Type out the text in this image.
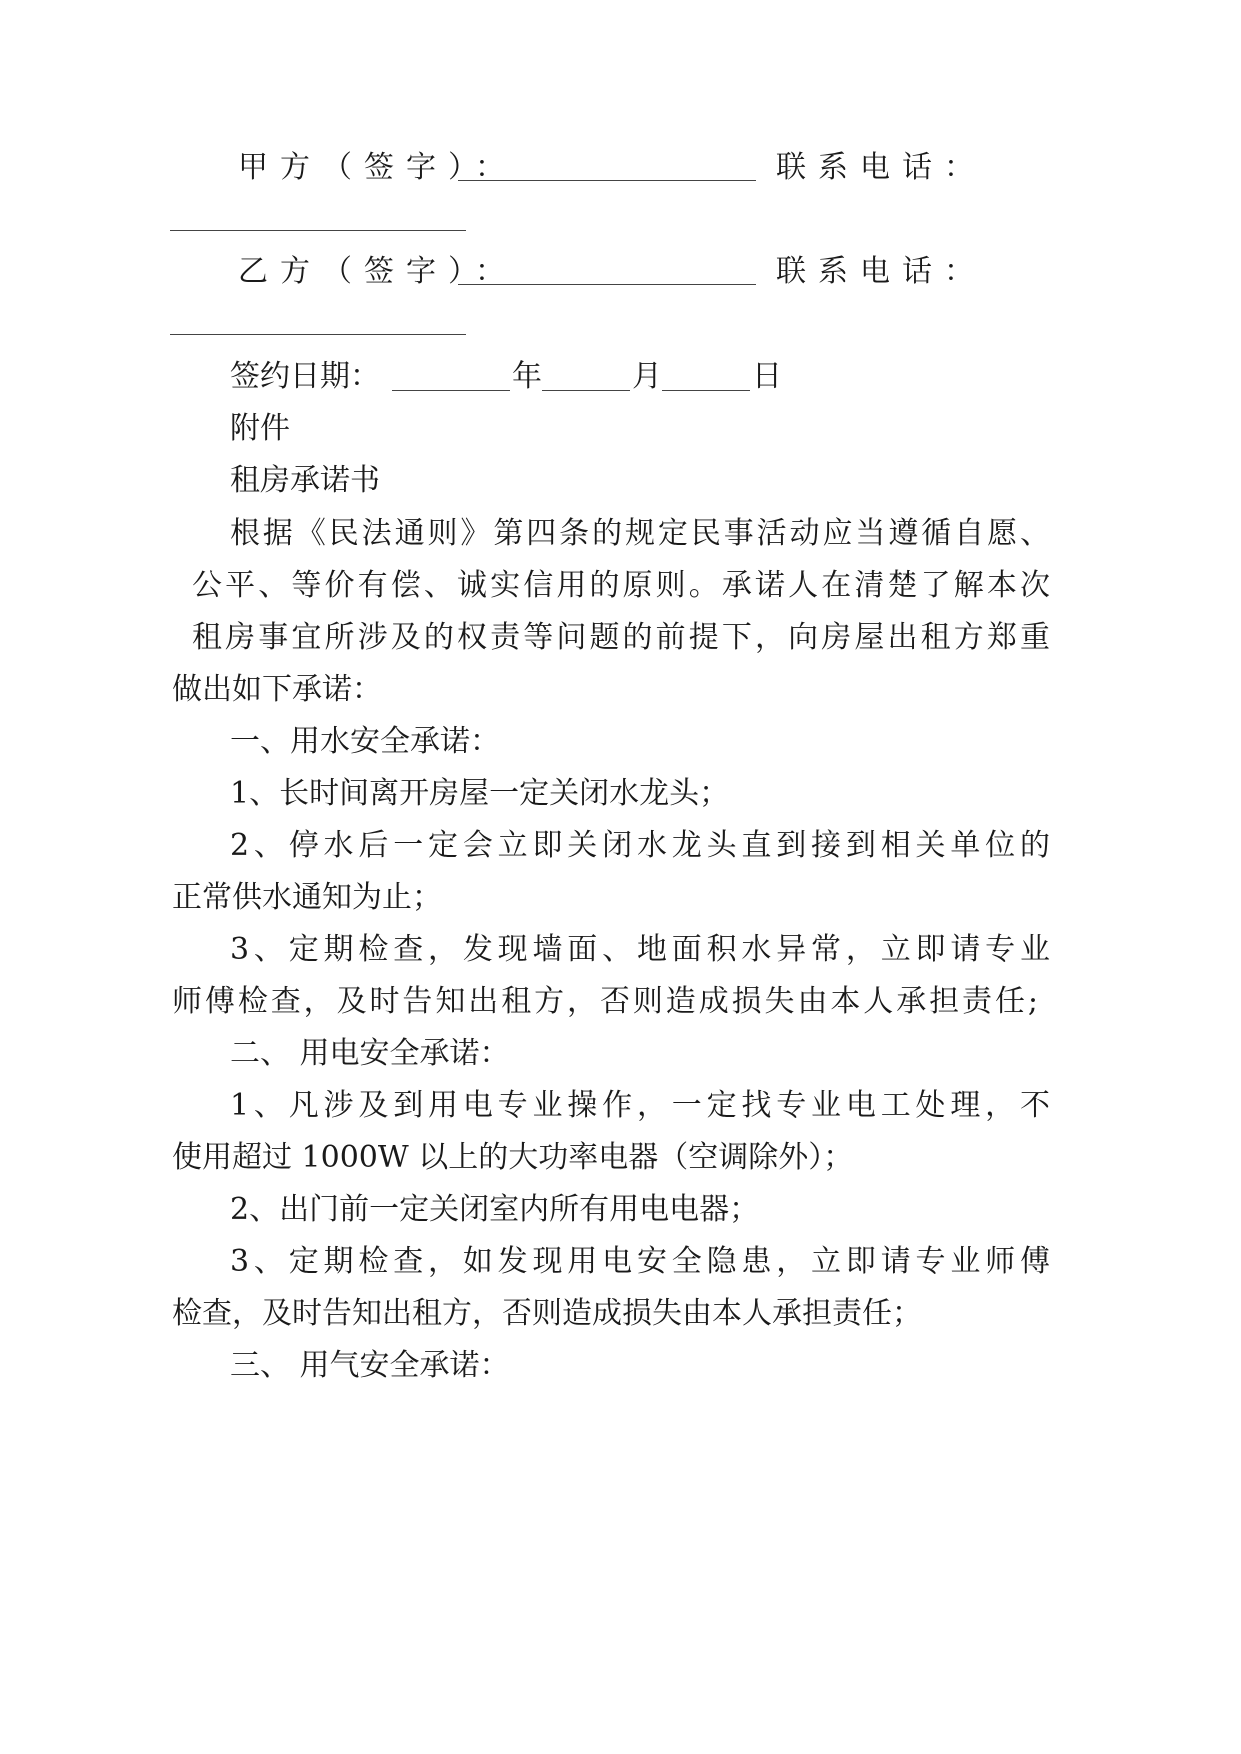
甲方（签字）：	联系电话：
乙方（签字）：	联系电话：
签约日期：	年	月	日
附件
租房承诺书
根据《民法通则》第四条的规定民事活动应当遵循自愿、
公平、等价有偿、诚实信用的原则。承诺人在清楚了解本次
租房事宜所涉及的权责等问题的前提下，向房屋出租方郑重
做出如下承诺：
一、用水安全承诺：
1、长时间离开房屋一定关闭水龙头；
2、停水后一定会立即关闭水龙头直到接到相关单位的
正常供水通知为止；
3、定期检查，发现墙面、地面积水异常，立即请专业
师傅检查，及时告知出租方，否则造成损失由本人承担责任;
二、 用电安全承诺：
1、凡涉及到用电专业操作，一定找专业电工处理，不
使用超过 1000W 以上的大功率电器（空调除外）；
2、出门前一定关闭室内所有用电电器；
3、定期检查，如发现用电安全隐患，立即请专业师傅
检查，及时告知出租方，否则造成损失由本人承担责任；
三、 用气安全承诺：
